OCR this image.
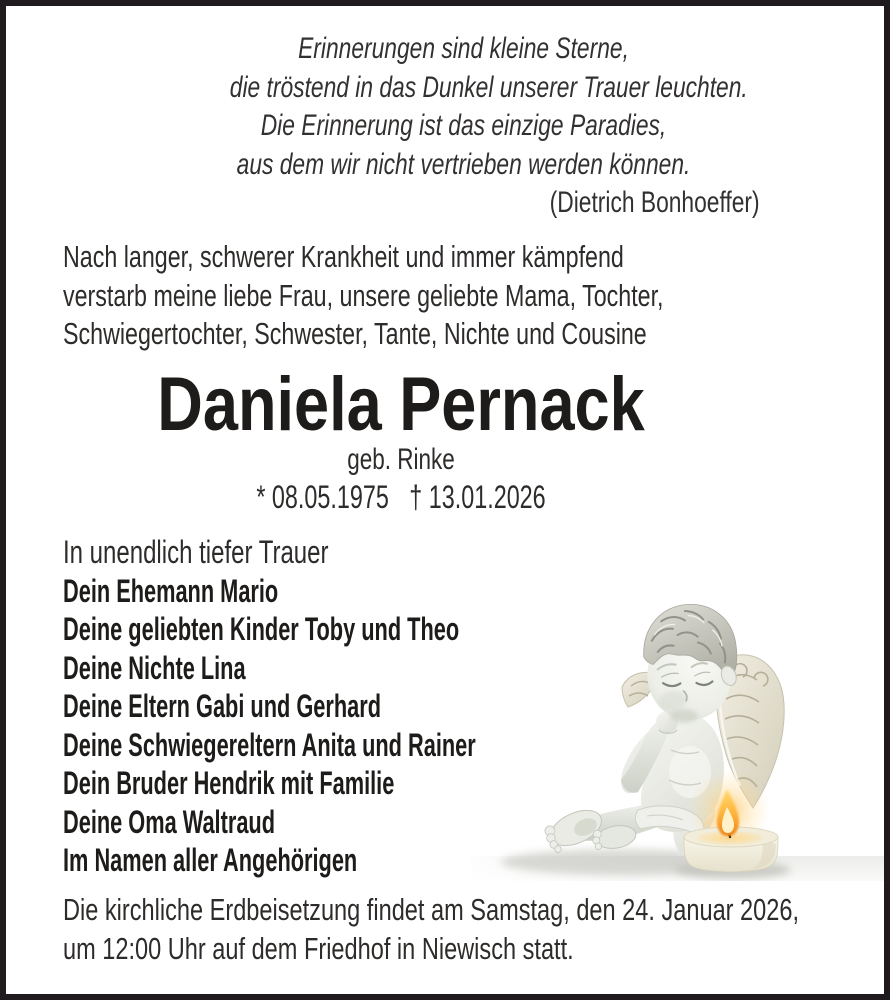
Erinnerungen sind kleine Sterne,
die tröstend in das Dunkel unserer Trauer leuchten.
Die Erinnerung ist das einzige Paradies,
aus dem wir nicht vertrieben werden können.
(Dietrich Bonhoeffer)
Nach langer, schwerer Krankheit und immer kämpfend
verstarb meine liebe Frau, unsere geliebte Mama, Tochter,
Schwiegertochter, Schwester, Tante, Nichte und Cousine
Daniela Pernack
geb. Rinke
* 08.05.1975 † 13.01.2026
In unendlich tiefer Trauer
Dein Ehemann Mario
Deine geliebten Kinder Toby und Theo
Deine Nichte Lina
Deine Eltern Gabi und Gerhard
Deine Schwiegereltern Anita und Rainer
Dein Bruder Hendrik mit Familie
Deine Oma Waltraud
Im Namen aller Angehörigen
Die kirchliche Erdbeisetzung findet am Samstag, den 24. Januar 2026,
um 12:00 Uhr auf dem Friedhof in Niewisch statt.
